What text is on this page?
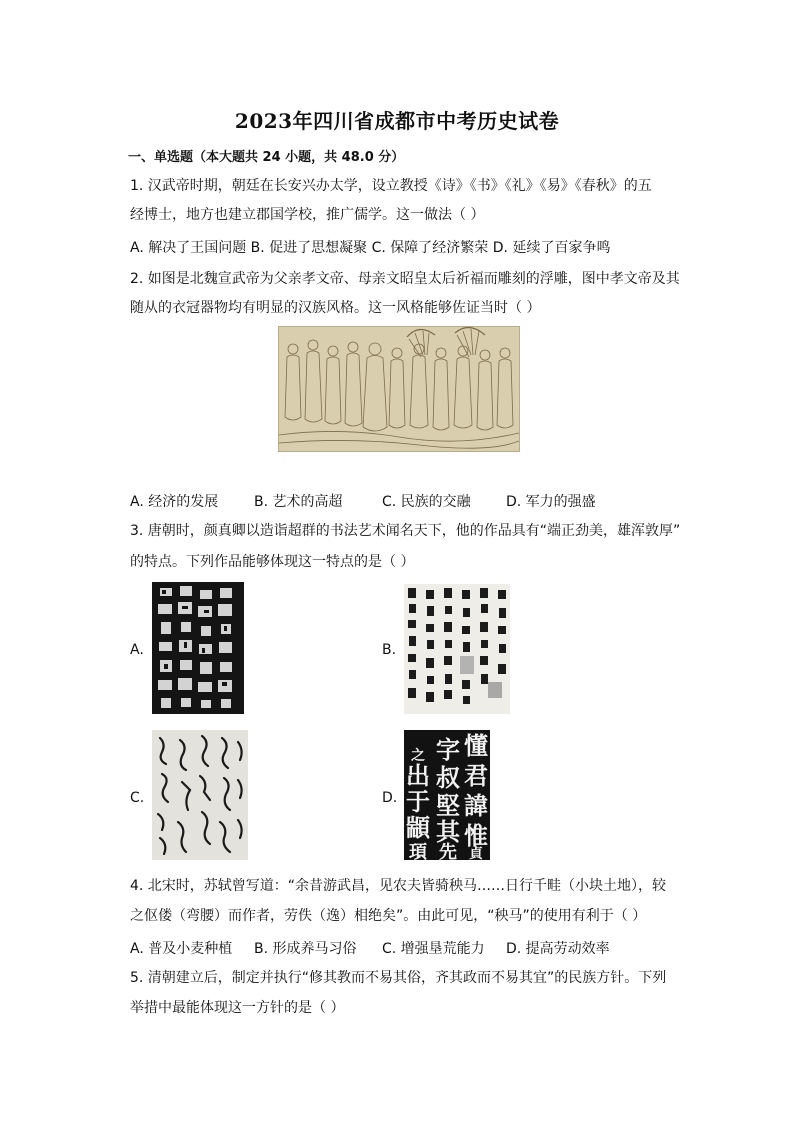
2023年四川省成都市中考历史试卷
一、单选题（本大题共 24 小题，共 48.0 分）
1. 汉武帝时期，朝廷在长安兴办太学，设立教授《诗》《书》《礼》《易》《春秋》的五
经博士，地方也建立郡国学校，推广儒学。这一做法（ ）
A. 解决了王国问题 B. 促进了思想凝聚 C. 保障了经济繁荣 D. 延续了百家争鸣
2. 如图是北魏宣武帝为父亲孝文帝、母亲文昭皇太后祈福而雕刻的浮雕，图中孝文帝及其
随从的衣冠器物均有明显的汉族风格。这一风格能够佐证当时（ ）
A. 经济的发展	B. 艺术的高超	C. 民族的交融	D. 军力的强盛
3. 唐朝时，颜真卿以造诣超群的书法艺术闻名天下，他的作品具有“端正劲美，雄浑敦厚”
的特点。下列作品能够体现这一特点的是（ ）
A.	B.
C.	D.
懂
君
諱
惟
字
叔
堅
其
先
出
于
顓
頊
之
貞
4. 北宋时，苏轼曾写道：“余昔游武昌，见农夫皆骑秧马……日行千畦（小块土地），较
之伛偻（弯腰）而作者，劳佚（逸）相绝矣”。由此可见，“秧马”的使用有利于（ ）
A. 普及小麦种植 B. 形成养马习俗 C. 增强垦荒能力 D. 提高劳动效率
5. 清朝建立后，制定并执行“修其教而不易其俗，齐其政而不易其宜”的民族方针。下列
举措中最能体现这一方针的是（ ）
